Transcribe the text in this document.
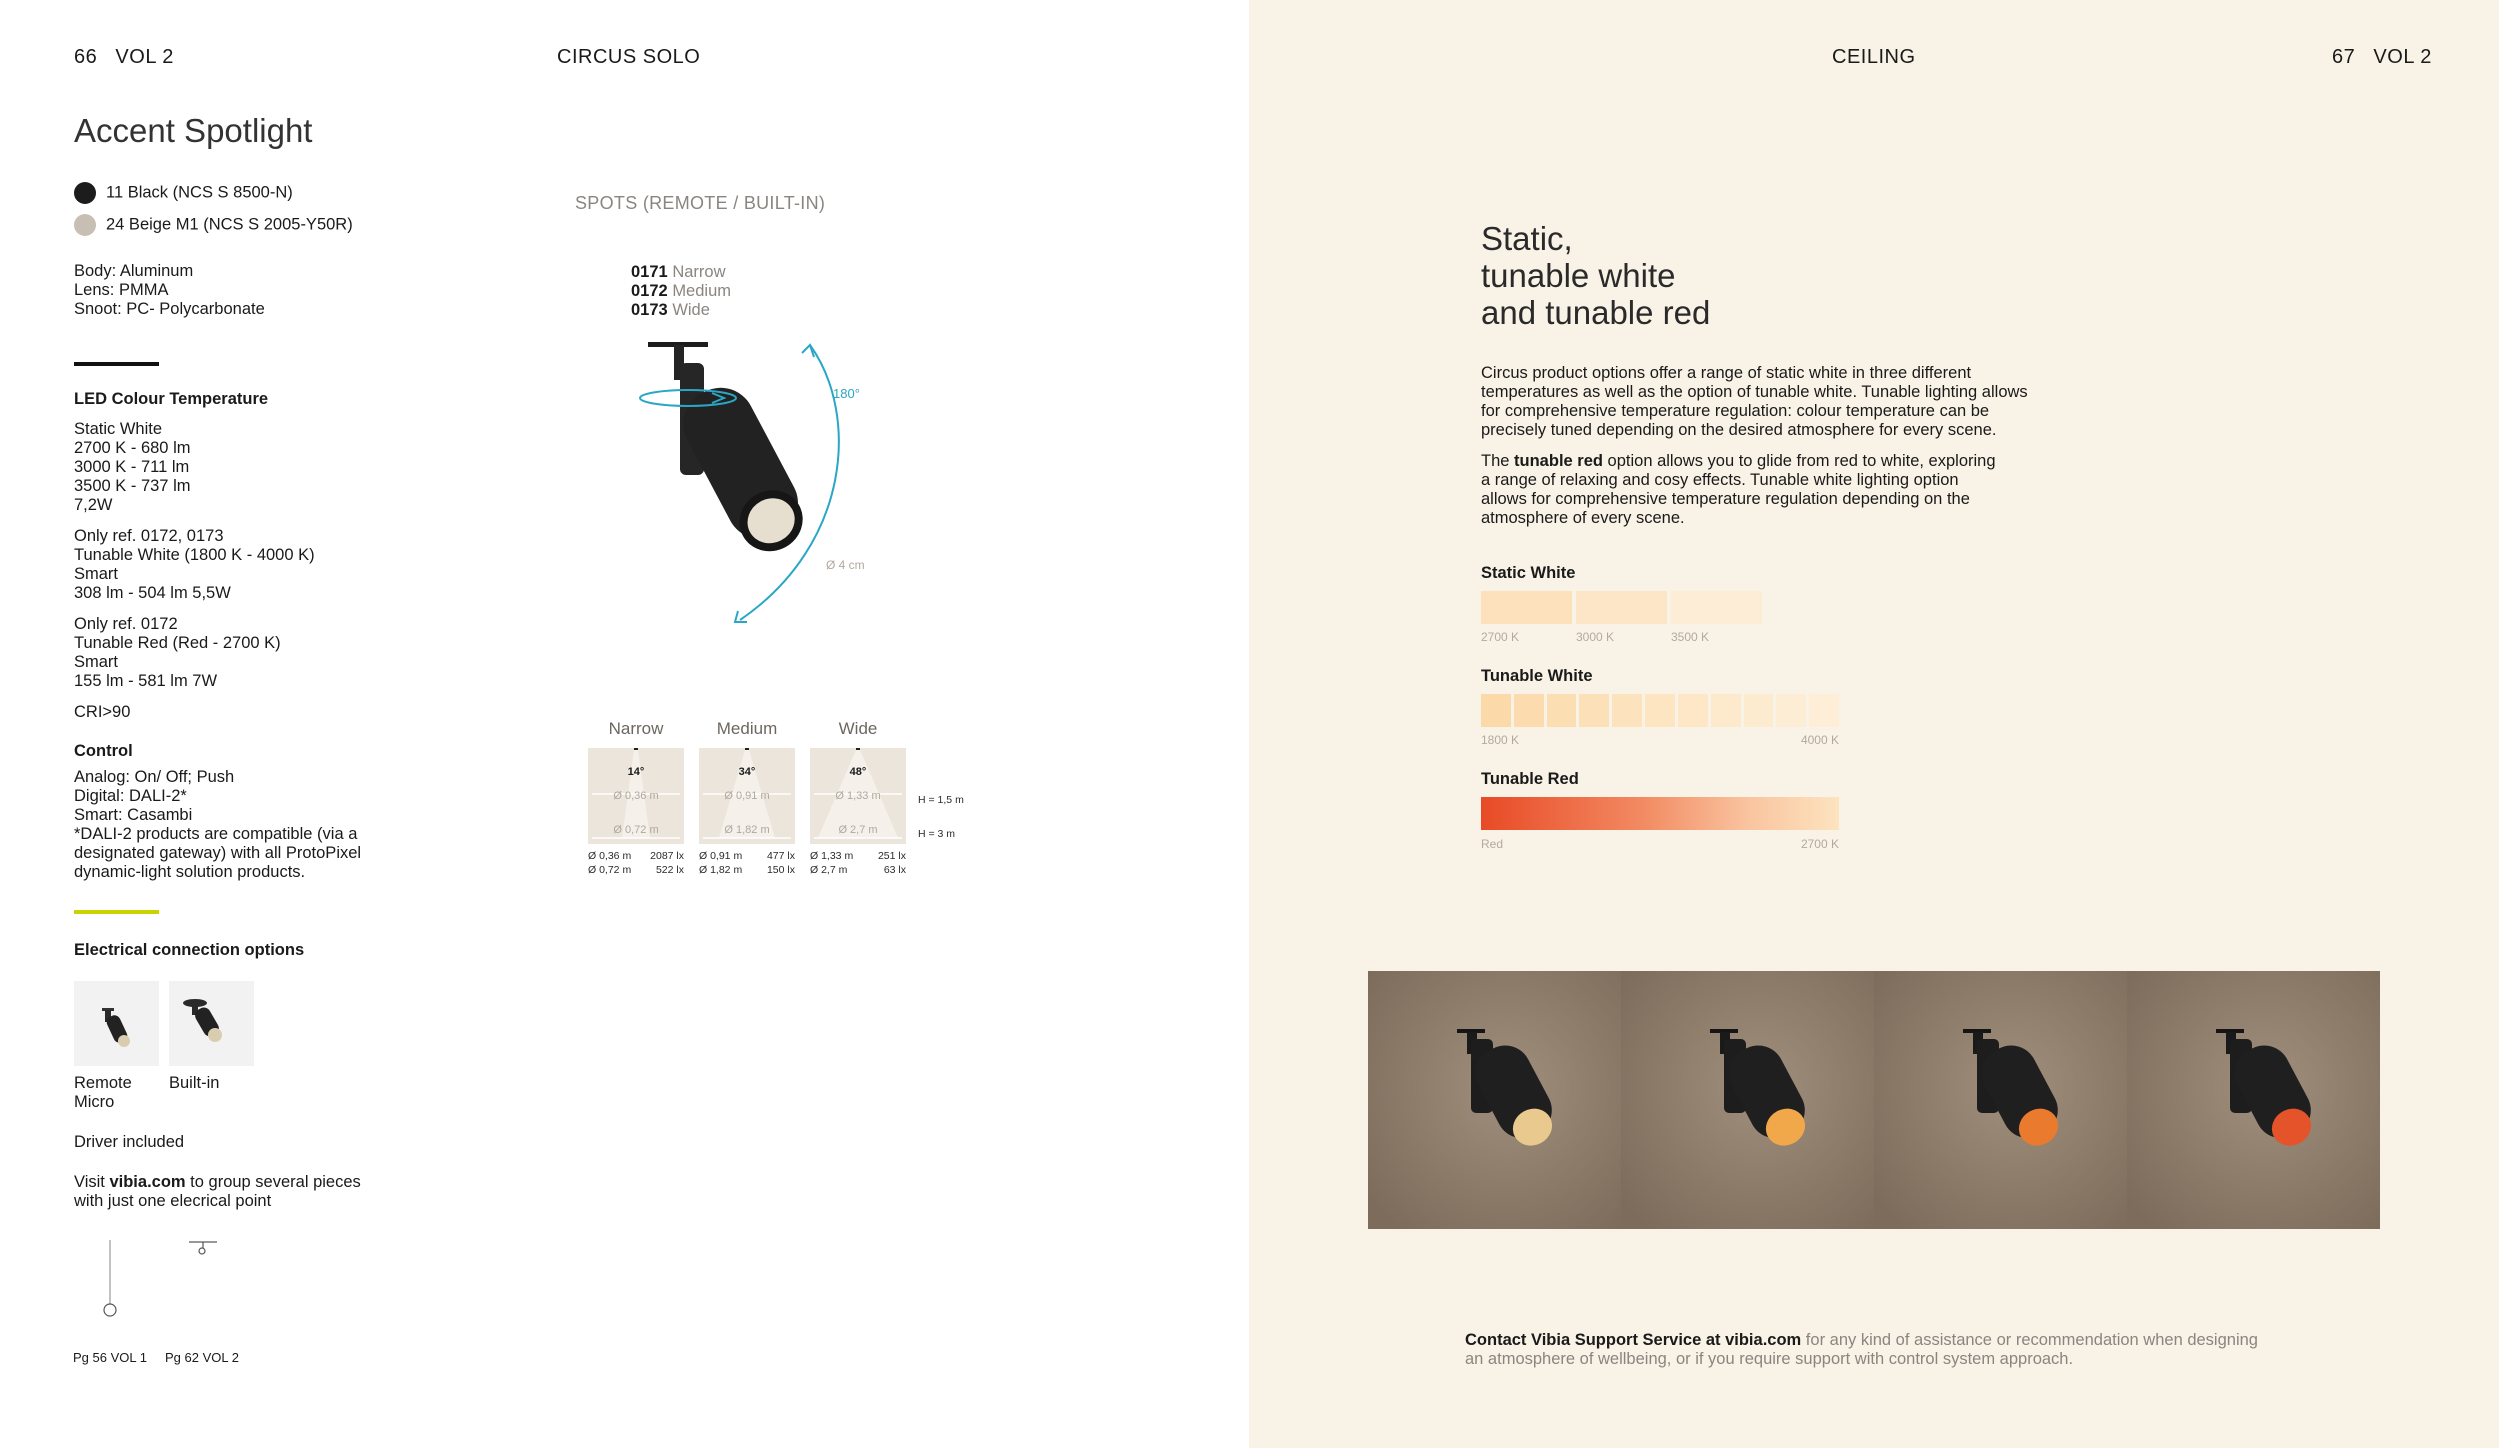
66 VOL 2	CIRCUS SOLO
Accent Spotlight
11 Black (NCS S 8500-N)
24 Beige M1 (NCS S 2005-Y50R)
Body: Aluminum
Lens: PMMA
Snoot: PC- Polycarbonate
LED Colour Temperature
Static White
2700 K - 680 lm
3000 K - 711 lm
3500 K - 737 lm
7,2W
Only ref. 0172, 0173
Tunable White (1800 K - 4000 K)
Smart
308 lm - 504 lm 5,5W
Only ref. 0172
Tunable Red (Red - 2700 K)
Smart
155 lm - 581 lm 7W
CRI>90
Control
Analog: On/ Off; Push
Digital: DALI-2*
Smart: Casambi
*DALI-2 products are compatible (via a
designated gateway) with all ProtoPixel
dynamic-light solution products.
Electrical connection options
Remote
Micro
Built-in
Driver included
Visit vibia.com to group several pieces
with just one elecrical point
Pg 56 VOL 1 Pg 62 VOL 2
SPOTS (REMOTE / BUILT-IN)
0171 Narrow
0172 Medium
0173 Wide
180°
Ø 4 cm
Narrow	Medium	Wide
14°
Ø 0,36 m
Ø 0,72 m
34°
Ø 0,91 m
Ø 1,82 m
48°
Ø 1,33 m
Ø 2,7 m
H = 1,5 m
H = 3 m
Ø 0,36 m 2087 lx
Ø 0,72 m 522 lx
Ø 0,91 m 477 lx
Ø 1,82 m 150 lx
Ø 1,33 m 251 lx
Ø 2,7 m	63 lx
CEILING	67 VOL 2
Static,
tunable white
and tunable red
Circus product options offer a range of static white in three different
temperatures as well as the option of tunable white. Tunable lighting allows
for comprehensive temperature regulation: colour temperature can be
precisely tuned depending on the desired atmosphere for every scene.
The tunable red option allows you to glide from red to white, exploring
a range of relaxing and cosy effects. Tunable white lighting option
allows for comprehensive temperature regulation depending on the
atmosphere of every scene.
Static White
2700 K	3000 K	3500 K
Tunable White
1800 K	4000 K
Tunable Red
Red	2700 K
Contact Vibia Support Service at vibia.com for any kind of assistance or recommendation when designing
an atmosphere of wellbeing, or if you require support with control system approach.
